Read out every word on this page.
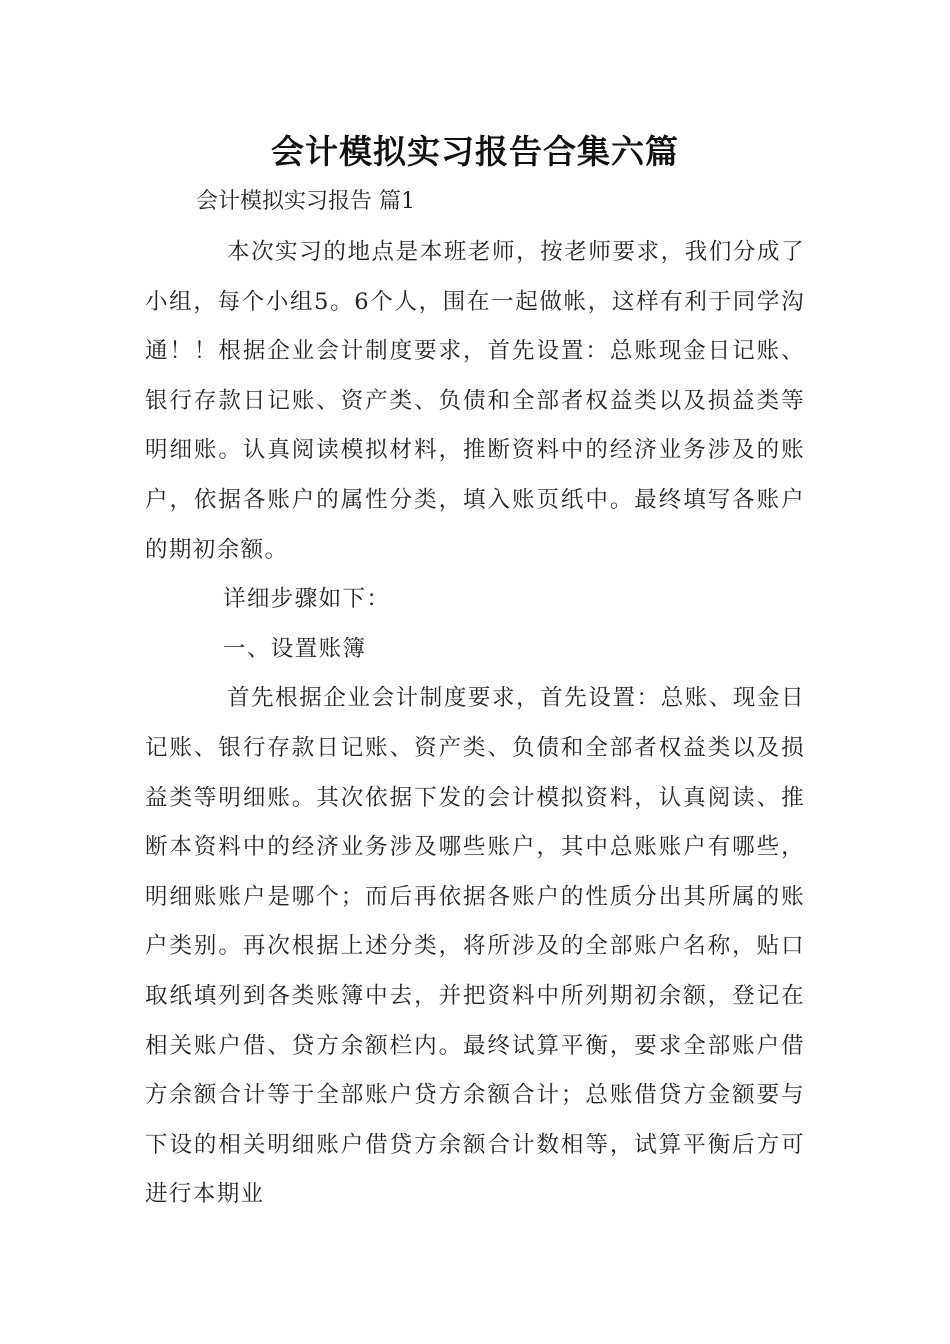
会计模拟实习报告合集六篇

会计模拟实习报告 篇1

本次实习的地点是本班老师，按老师要求，我们分成了小组，每个小组5。6个人，围在一起做帐，这样有利于同学沟通！！根据企业会计制度要求，首先设置：总账现金日记账、银行存款日记账、资产类、负债和全部者权益类以及损益类等明细账。认真阅读模拟材料，推断资料中的经济业务涉及的账户，依据各账户的属性分类，填入账页纸中。最终填写各账户的期初余额。

详细步骤如下：

一、设置账簿

首先根据企业会计制度要求，首先设置：总账、现金日记账、银行存款日记账、资产类、负债和全部者权益类以及损益类等明细账。其次依据下发的会计模拟资料，认真阅读、推断本资料中的经济业务涉及哪些账户，其中总账账户有哪些，明细账账户是哪个；而后再依据各账户的性质分出其所属的账户类别。再次根据上述分类，将所涉及的全部账户名称，贴口取纸填列到各类账簿中去，并把资料中所列期初余额，登记在相关账户借、贷方余额栏内。最终试算平衡，要求全部账户借方余额合计等于全部账户贷方余额合计；总账借贷方金额要与下设的相关明细账户借贷方余额合计数相等，试算平衡后方可进行本期业
